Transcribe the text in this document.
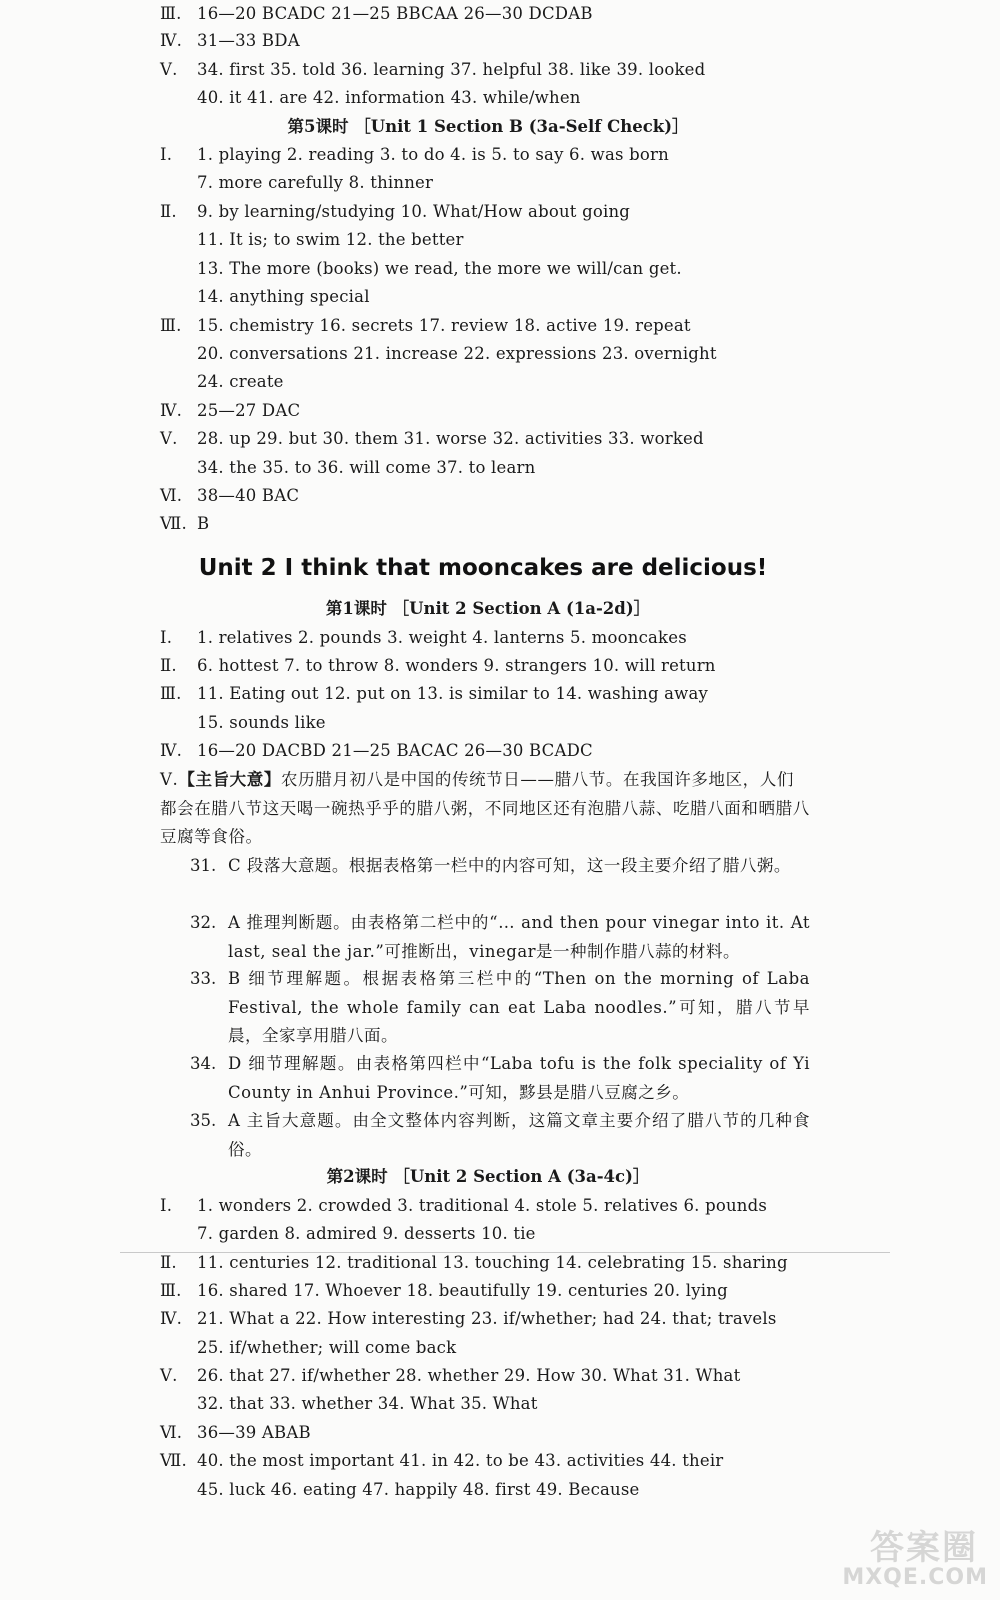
Ⅲ. 16—20 BCADC 21—25 BBCAA 26—30 DCDAB
Ⅳ. 31—33 BDA
Ⅴ.	34. first 35. told 36. learning 37. helpful 38. like 39. looked
40. it 41. are 42. information 43. while/when
第5课时 ［Unit 1 Section B (3a-Self Check)］
Ⅰ.	1. playing 2. reading 3. to do 4. is 5. to say 6. was born
7. more carefully 8. thinner
Ⅱ.	9. by learning/studying 10. What/How about going
11. It is; to swim 12. the better
13. The more (books) we read, the more we will/can get.
14. anything special
Ⅲ. 15. chemistry 16. secrets 17. review 18. active 19. repeat
20. conversations 21. increase 22. expressions 23. overnight
24. create
Ⅳ. 25—27 DAC
Ⅴ.	28. up 29. but 30. them 31. worse 32. activities 33. worked
34. the 35. to 36. will come 37. to learn
Ⅵ. 38—40 BAC
Ⅶ. B
Unit 2 I think that mooncakes are delicious!
第1课时 ［Unit 2 Section A (1a-2d)］
Ⅰ.	1. relatives 2. pounds 3. weight 4. lanterns 5. mooncakes
Ⅱ.	6. hottest 7. to throw 8. wonders 9. strangers 10. will return
Ⅲ. 11. Eating out 12. put on 13. is similar to 14. washing away
15. sounds like
Ⅳ. 16—20 DACBD 21—25 BACAC 26—30 BCADC
Ⅴ.【主旨大意】农历腊月初八是中国的传统节日——腊八节。在我国许多地区，人们都会在腊八节这天喝一碗热乎乎的腊八粥，不同地区还有泡腊八蒜、吃腊八面和晒腊八豆腐等食俗。
31. C 段落大意题。根据表格第一栏中的内容可知，这一段主要介绍了腊八粥。
32. A 推理判断题。由表格第二栏中的“… and then pour vinegar into it. At last, seal the jar.”可推断出，vinegar是一种制作腊八蒜的材料。
33. B 细节理解题。根据表格第三栏中的“Then on the morning of Laba Festival, the whole family can eat Laba noodles.”可知，腊八节早晨，全家享用腊八面。
34. D 细节理解题。由表格第四栏中“Laba tofu is the folk speciality of Yi County in Anhui Province.”可知，黟县是腊八豆腐之乡。
35. A 主旨大意题。由全文整体内容判断，这篇文章主要介绍了腊八节的几种食俗。
第2课时 ［Unit 2 Section A (3a-4c)］
Ⅰ.	1. wonders 2. crowded 3. traditional 4. stole 5. relatives 6. pounds
7. garden 8. admired 9. desserts 10. tie
Ⅱ.	11. centuries 12. traditional 13. touching 14. celebrating 15. sharing
Ⅲ. 16. shared 17. Whoever 18. beautifully 19. centuries 20. lying
Ⅳ. 21. What a 22. How interesting 23. if/whether; had 24. that; travels
25. if/whether; will come back
Ⅴ.	26. that 27. if/whether 28. whether 29. How 30. What 31. What
32. that 33. whether 34. What 35. What
Ⅵ. 36—39 ABAB
Ⅶ. 40. the most important 41. in 42. to be 43. activities 44. their
45. luck 46. eating 47. happily 48. first 49. Because
答案圈
MXQE.COM
